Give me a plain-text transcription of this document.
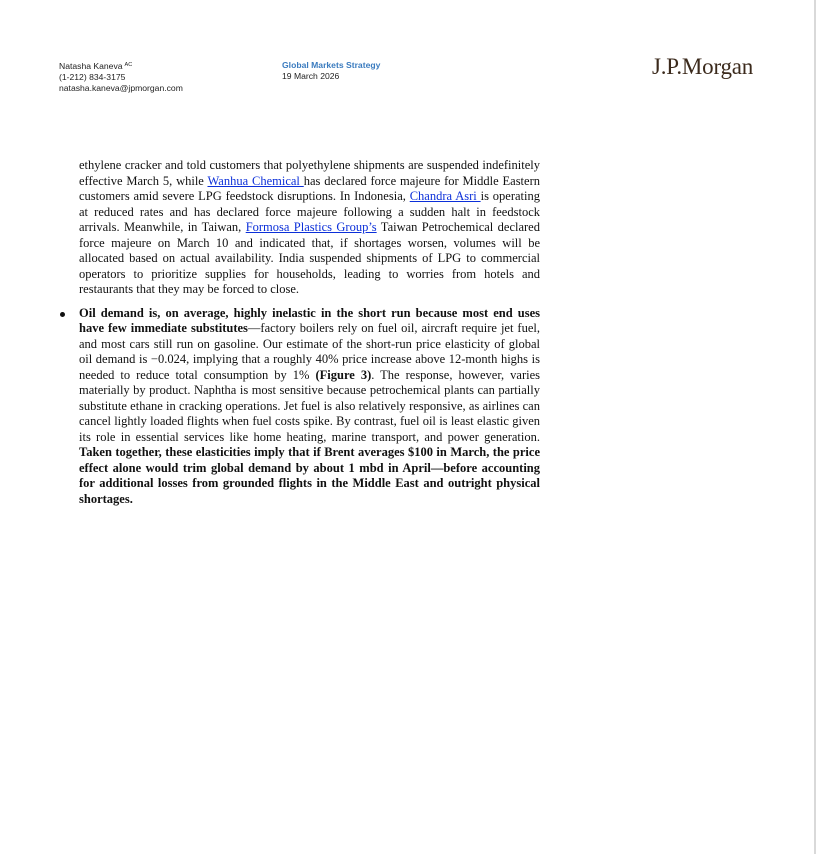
Natasha Kaneva $^{AC}$
(1-212) 834-3175
natasha.kaneva@jpmorgan.com
Global Markets Strategy
19 March 2026	J.P.Morgan

ethylene cracker and told customers that polyethylene shipments are suspended indefinitely effective March 5, while Wanhua Chemical has declared force majeure for Middle Eastern customers amid severe LPG feedstock disruptions. In Indonesia, Chandra Asri is operating at reduced rates and has declared force majeure following a sudden halt in feedstock arrivals. Meanwhile, in Taiwan, Formosa Plastics Group’s Taiwan Petrochemical declared force majeure on March 10 and indicated that, if shortages worsen, volumes will be allocated based on actual availability. India suspended shipments of LPG to commercial operators to prioritize supplies for households, leading to worries from hotels and restaurants that they may be forced to close.

Oil demand is, on average, highly inelastic in the short run because most end uses have few immediate substitutes—factory boilers rely on fuel oil, aircraft require jet fuel, and most cars still run on gasoline. Our estimate of the short-run price elasticity of global oil demand is −0.024, implying that a roughly 40% price increase above 12-month highs is needed to reduce total consumption by 1% (Figure 3). The response, however, varies materially by product. Naphtha is most sensitive because petrochemical plants can partially substitute ethane in cracking operations. Jet fuel is also relatively responsive, as airlines can cancel lightly loaded flights when fuel costs spike. By contrast, fuel oil is least elastic given its role in essential services like home heating, marine transport, and power generation. Taken together, these elasticities imply that if Brent averages $100 in March, the price effect alone would trim global demand by about 1 mbd in April—before accounting for additional losses from grounded flights in the Middle East and outright physical shortages.
